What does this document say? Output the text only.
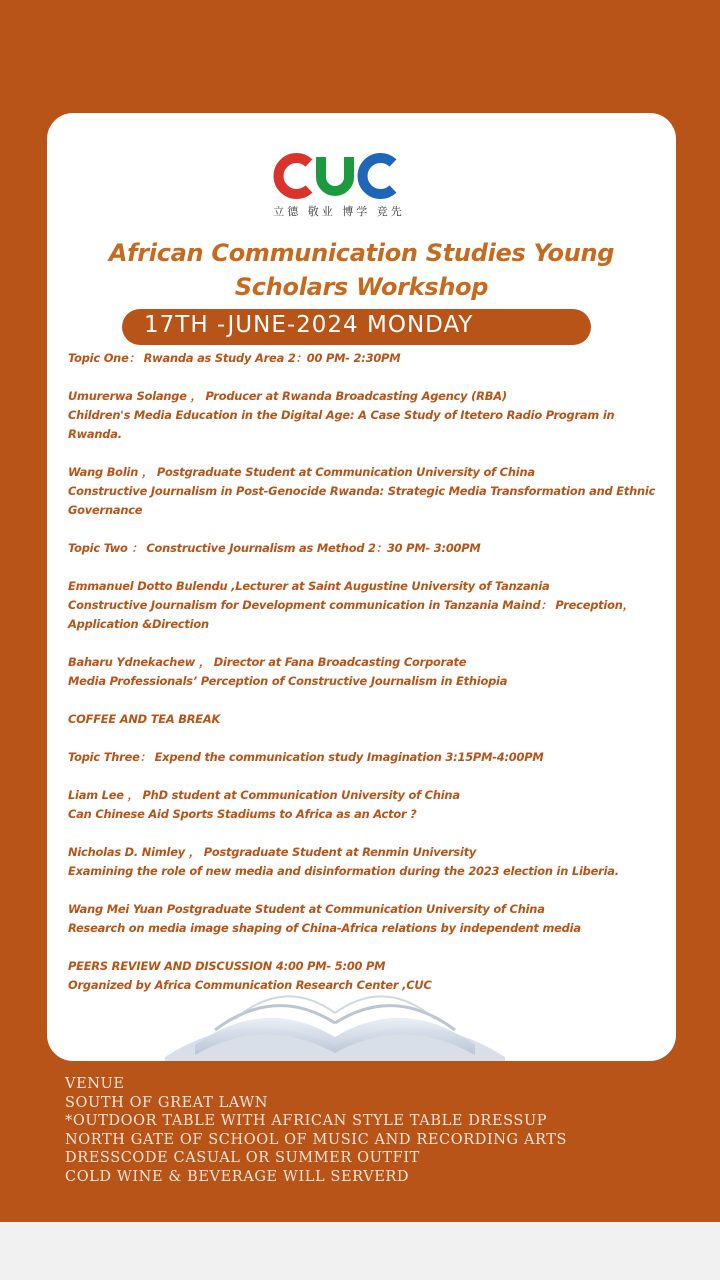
立德 敬业 博学 竞先
African Communication Studies Young
Scholars Workshop
17TH -JUNE-2024 MONDAY

Topic One： Rwanda as Study Area 2：00 PM- 2:30PM

Umurerwa Solange ， Producer at Rwanda Broadcasting Agency (RBA)

Children's Media Education in the Digital Age: A Case Study of Itetero Radio Program in

Rwanda.

Wang Bolin ， Postgraduate Student at Communication University of China

Constructive Journalism in Post-Genocide Rwanda: Strategic Media Transformation and Ethnic

Governance

Topic Two ： Constructive Journalism as Method 2：30 PM- 3:00PM

Emmanuel Dotto Bulendu ,Lecturer at Saint Augustine University of Tanzania

Constructive Journalism for Development communication in Tanzania Maind： Preception，

Application &Direction

Baharu Ydnekachew ， Director at Fana Broadcasting Corporate

Media Professionals’ Perception of Constructive Journalism in Ethiopia

COFFEE AND TEA BREAK

Topic Three： Expend the communication study Imagination 3:15PM-4:00PM

Liam Lee ， PhD student at Communication University of China

Can Chinese Aid Sports Stadiums to Africa as an Actor ?

Nicholas D. Nimley ， Postgraduate Student at Renmin University

Examining the role of new media and disinformation during the 2023 election in Liberia.

Wang Mei Yuan Postgraduate Student at Communication University of China

Research on media image shaping of China-Africa relations by independent media

PEERS REVIEW AND DISCUSSION 4:00 PM- 5:00 PM

Organized by Africa Communication Research Center ,CUC

VENUE

SOUTH OF GREAT LAWN

*OUTDOOR TABLE WITH AFRICAN STYLE TABLE DRESSUP

NORTH GATE OF SCHOOL OF MUSIC AND RECORDING ARTS

DRESSCODE CASUAL OR SUMMER OUTFIT

COLD WINE & BEVERAGE WILL SERVERD
